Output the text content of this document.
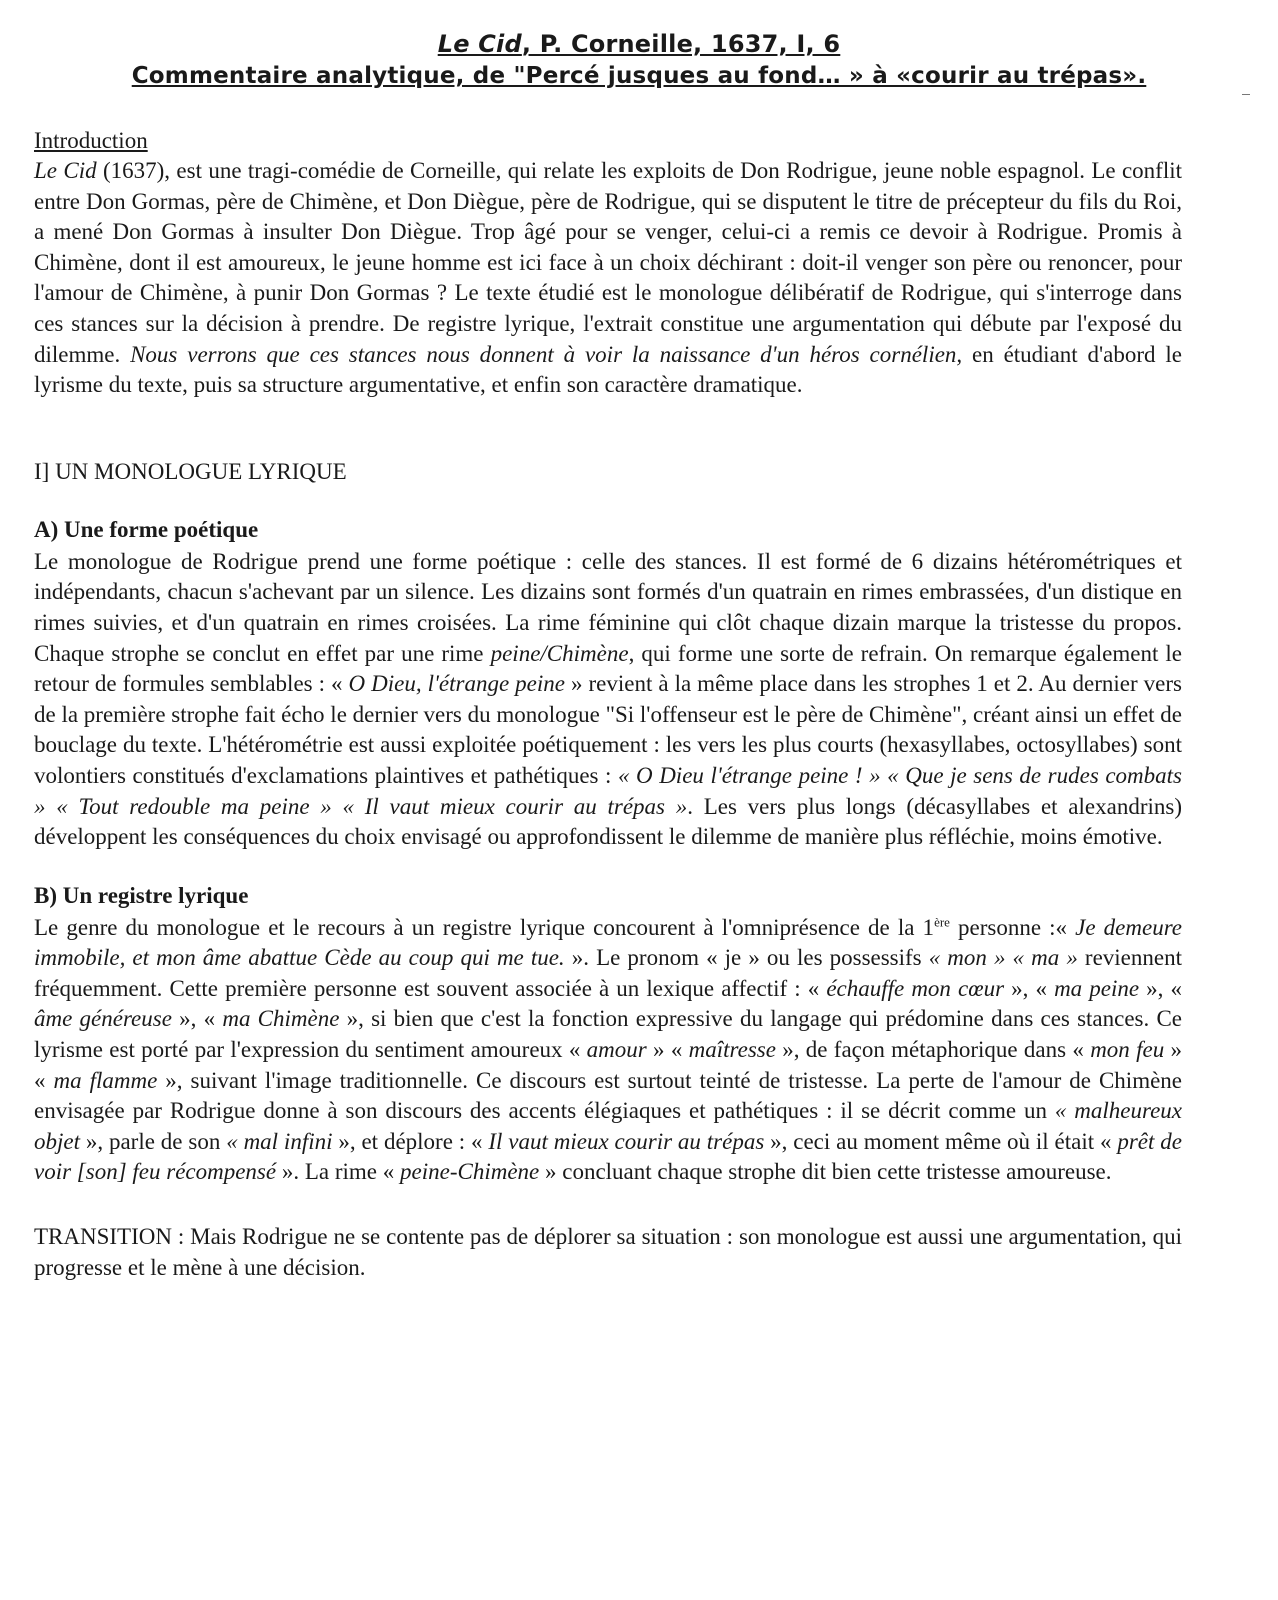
Le Cid, P. Corneille, 1637, I, 6

Commentaire analytique, de "Percé jusques au fond… » à «courir au trépas».

Introduction

Le Cid (1637), est une tragi-comédie de Corneille, qui relate les exploits de Don Rodrigue, jeune noble espagnol. Le conflit entre Don Gormas, père de Chimène, et Don Diègue, père de Rodrigue, qui se disputent le titre de précepteur du fils du Roi, a mené Don Gormas à insulter Don Diègue. Trop âgé pour se venger, celui-ci a remis ce devoir à Rodrigue. Promis à Chimène, dont il est amoureux, le jeune homme est ici face à un choix déchirant : doit-il venger son père ou renoncer, pour l'amour de Chimène, à punir Don Gormas ? Le texte étudié est le monologue délibératif de Rodrigue, qui s'interroge dans ces stances sur la décision à prendre. De registre lyrique, l'extrait constitue une argumentation qui débute par l'exposé du dilemme. Nous verrons que ces stances nous donnent à voir la naissance d'un héros cornélien, en étudiant d'abord le lyrisme du texte, puis sa structure argumentative, et enfin son caractère dramatique.

I] UN MONOLOGUE LYRIQUE

A) Une forme poétique

Le monologue de Rodrigue prend une forme poétique : celle des stances. Il est formé de 6 dizains hétérométriques et indépendants, chacun s'achevant par un silence. Les dizains sont formés d'un quatrain en rimes embrassées, d'un distique en rimes suivies, et d'un quatrain en rimes croisées. La rime féminine qui clôt chaque dizain marque la tristesse du propos. Chaque strophe se conclut en effet par une rime peine/Chimène, qui forme une sorte de refrain. On remarque également le retour de formules semblables : « O Dieu, l'étrange peine » revient à la même place dans les strophes 1 et 2. Au dernier vers de la première strophe fait écho le dernier vers du monologue "Si l'offenseur est le père de Chimène", créant ainsi un effet de bouclage du texte. L'hétérométrie est aussi exploitée poétiquement : les vers les plus courts (hexasyllabes, octosyllabes) sont volontiers constitués d'exclamations plaintives et pathétiques : « O Dieu l'étrange peine ! » « Que je sens de rudes combats » « Tout redouble ma peine » « Il vaut mieux courir au trépas ». Les vers plus longs (décasyllabes et alexandrins) développent les conséquences du choix envisagé ou approfondissent le dilemme de manière plus réfléchie, moins émotive.

B) Un registre lyrique

Le genre du monologue et le recours à un registre lyrique concourent à l'omniprésence de la 1ère personne :« Je demeure immobile, et mon âme abattue Cède au coup qui me tue. ». Le pronom « je » ou les possessifs « mon » « ma » reviennent fréquemment. Cette première personne est souvent associée à un lexique affectif : « échauffe mon cœur », « ma peine », « âme généreuse », « ma Chimène », si bien que c'est la fonction expressive du langage qui prédomine dans ces stances. Ce lyrisme est porté par l'expression du sentiment amoureux « amour » « maîtresse », de façon métaphorique dans « mon feu » « ma flamme », suivant l'image traditionnelle. Ce discours est surtout teinté de tristesse. La perte de l'amour de Chimène envisagée par Rodrigue donne à son discours des accents élégiaques et pathétiques : il se décrit comme un « malheureux objet », parle de son « mal infini », et déplore : « Il vaut mieux courir au trépas », ceci au moment même où il était « prêt de voir [son] feu récompensé ». La rime « peine-Chimène » concluant chaque strophe dit bien cette tristesse amoureuse.

TRANSITION : Mais Rodrigue ne se contente pas de déplorer sa situation : son monologue est aussi une argumentation, qui progresse et le mène à une décision.
